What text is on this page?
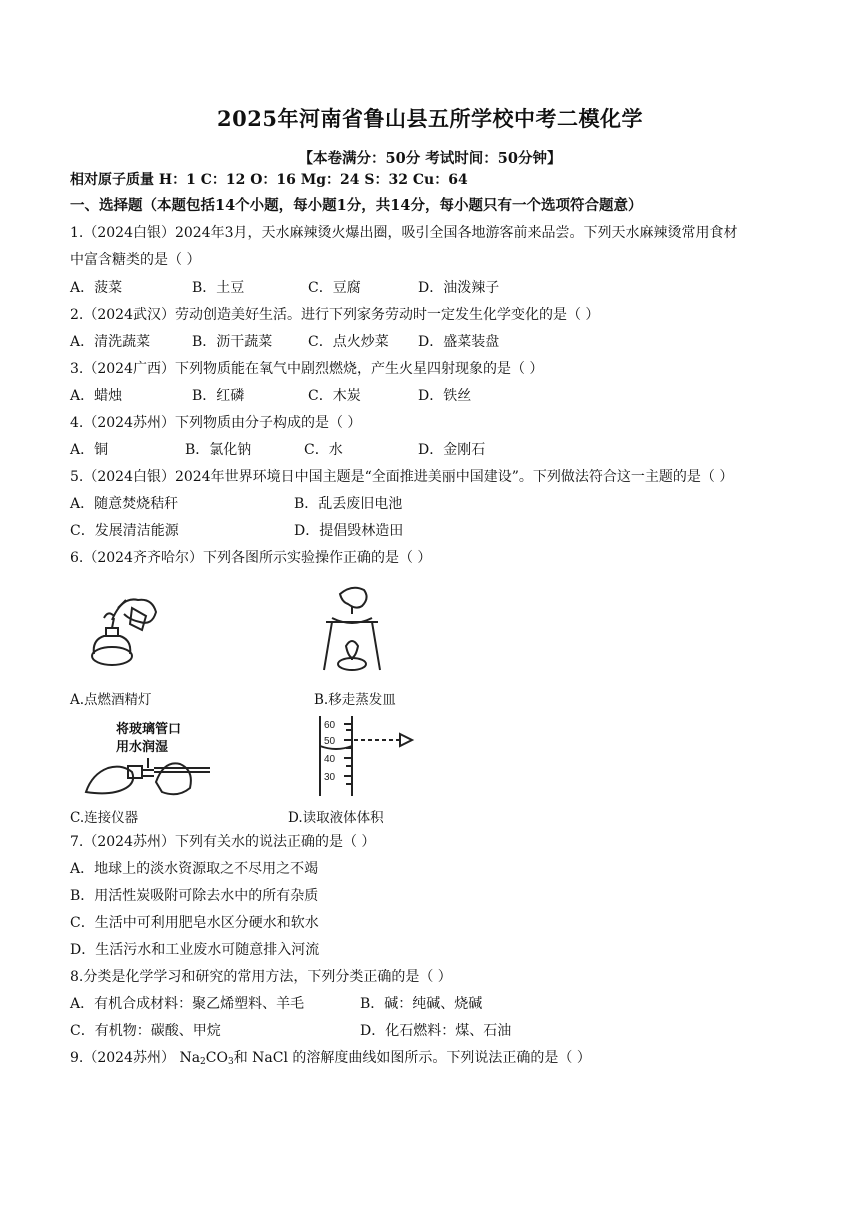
2025年河南省鲁山县五所学校中考二模化学
【本卷满分：50分 考试时间：50分钟】
相对原子质量 H：1 C：12 O：16 Mg：24 S：32 Cu：64
一、选择题（本题包括14个小题，每小题1分，共14分，每小题只有一个选项符合题意）
1.（2024白银）2024年3月，天水麻辣烫火爆出圈，吸引全国各地游客前来品尝。下列天水麻辣烫常用食材
中富含糖类的是（ ）
A．菠菜	B．土豆	C．豆腐	D．油泼辣子
2.（2024武汉）劳动创造美好生活。进行下列家务劳动时一定发生化学变化的是（ ）
A．清洗蔬菜	B．沥干蔬菜	C．点火炒菜 D．盛菜装盘
3.（2024广西）下列物质能在氧气中剧烈燃烧，产生火星四射现象的是（ ）
A．蜡烛	B．红磷	C．木炭	D．铁丝
4.（2024苏州）下列物质由分子构成的是（ ）
A．铜	B．氯化钠	C．水	D．金刚石
5.（2024白银）2024年世界环境日中国主题是“全面推进美丽中国建设”。下列做法符合这一主题的是（ ）
A．随意焚烧秸秆	B．乱丢废旧电池
C．发展清洁能源	D．提倡毁林造田
6.（2024齐齐哈尔）下列各图所示实验操作正确的是（ ）
A.点燃酒精灯	B.移走蒸发皿
将玻璃管口
用水润湿
C.连接仪器
60
50
40
30
D.读取液体体积
7.（2024苏州）下列有关水的说法正确的是（ ）
A．地球上的淡水资源取之不尽用之不竭
B．用活性炭吸附可除去水中的所有杂质
C．生活中可利用肥皂水区分硬水和软水
D．生活污水和工业废水可随意排入河流
8.分类是化学学习和研究的常用方法，下列分类正确的是（ ）
A．有机合成材料：聚乙烯塑料、羊毛	B．碱：纯碱、烧碱
C．有机物：碳酸、甲烷	D．化石燃料：煤、石油
9.（2024苏州） $Na_2CO_3$和 NaCl 的溶解度曲线如图所示。下列说法正确的是（ ）
